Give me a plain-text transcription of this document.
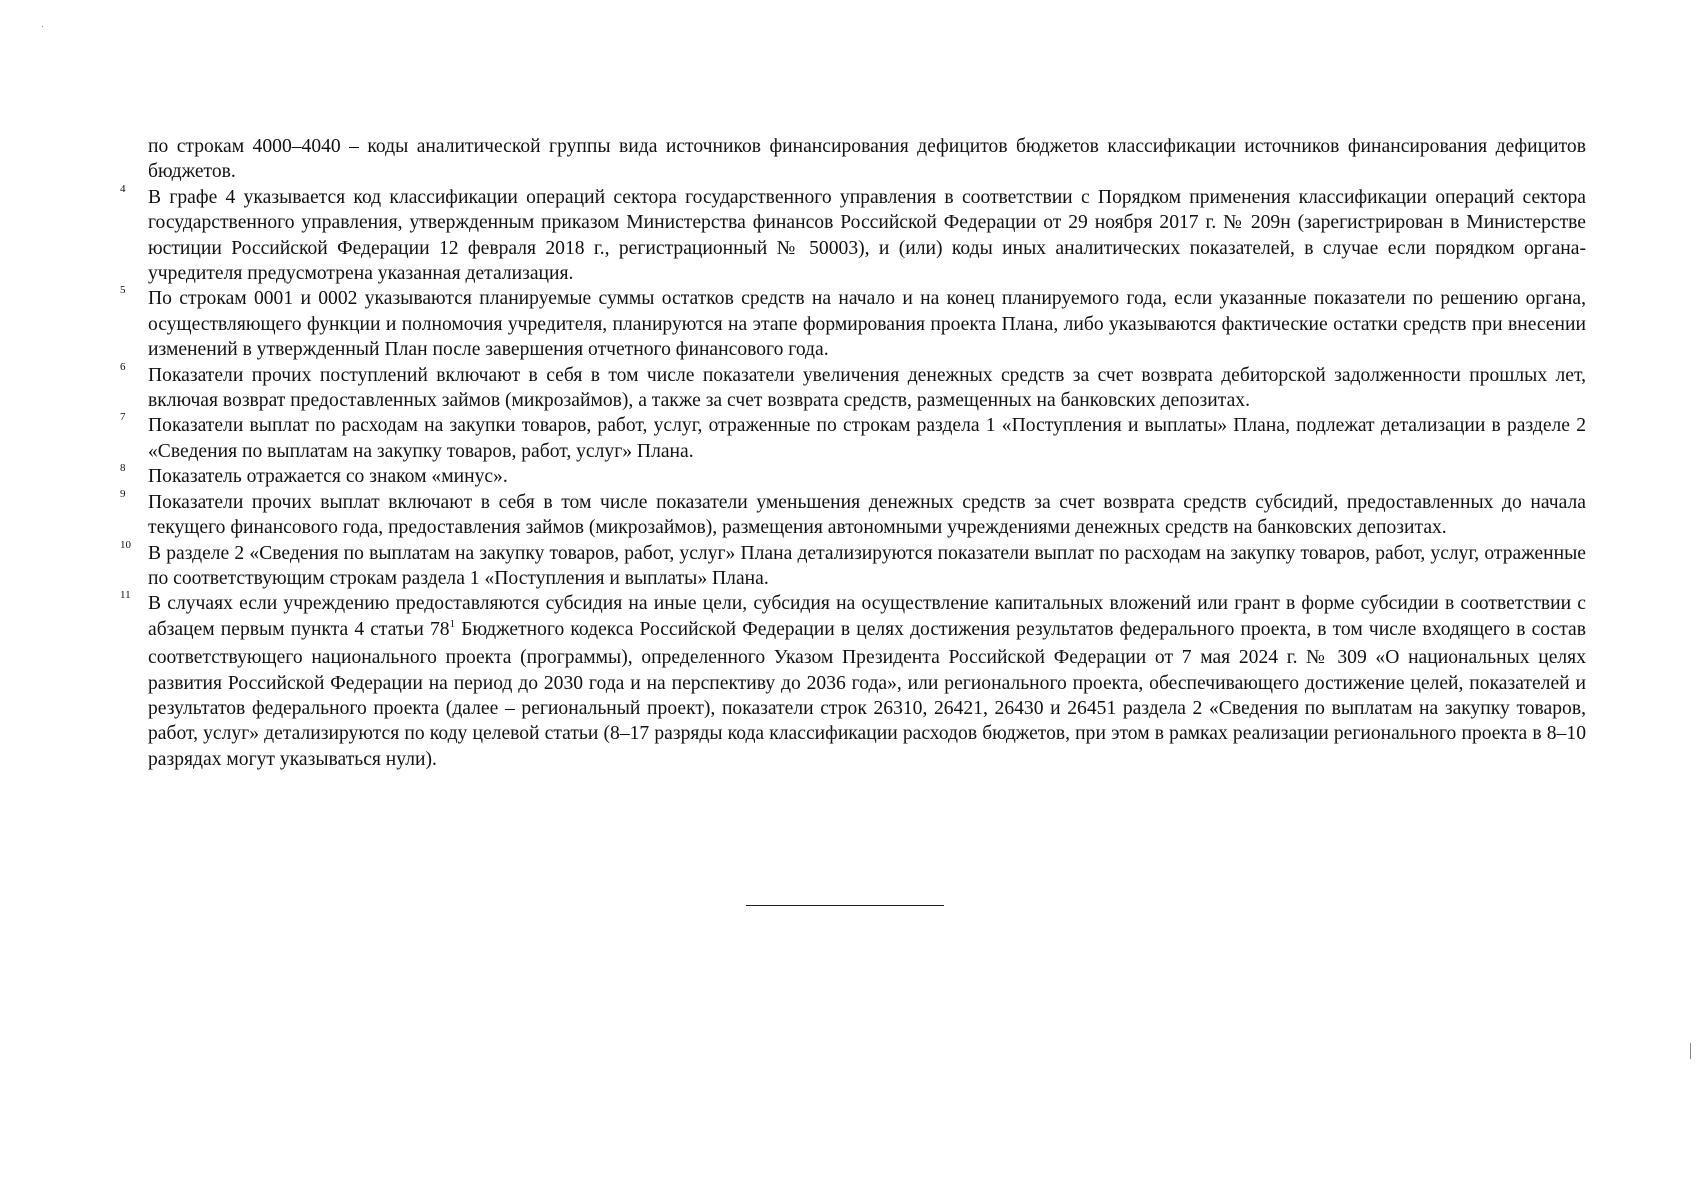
по строкам 4000–4040 – коды аналитической группы вида источников финансирования дефицитов бюджетов классификации источников финансирования дефицитов бюджетов.

4	В графе 4 указывается код классификации операций сектора государственного управления в соответствии с Порядком применения классификации операций сектора государственного управления, утвержденным приказом Министерства финансов Российской Федерации от 29 ноября 2017 г. № 209н (зарегистрирован в Министерстве юстиции Российской Федерации 12 февраля 2018 г., регистрационный № 50003), и (или) коды иных аналитических показателей, в случае если порядком органа-учредителя предусмотрена указанная детализация.

5	По строкам 0001 и 0002 указываются планируемые суммы остатков средств на начало и на конец планируемого года, если указанные показатели по решению органа, осуществляющего функции и полномочия учредителя, планируются на этапе формирования проекта Плана, либо указываются фактические остатки средств при внесении изменений в утвержденный План после завершения отчетного финансового года.

6	Показатели прочих поступлений включают в себя в том числе показатели увеличения денежных средств за счет возврата дебиторской задолженности прошлых лет, включая возврат предоставленных займов (микрозаймов), а также за счет возврата средств, размещенных на банковских депозитах.

7	Показатели выплат по расходам на закупки товаров, работ, услуг, отраженные по строкам раздела 1 «Поступления и выплаты» Плана, подлежат детализации в разделе 2 «Сведения по выплатам на закупку товаров, работ, услуг» Плана.

8	Показатель отражается со знаком «минус».

9	Показатели прочих выплат включают в себя в том числе показатели уменьшения денежных средств за счет возврата средств субсидий, предоставленных до начала текущего финансового года, предоставления займов (микрозаймов), размещения автономными учреждениями денежных средств на банковских депозитах.

10 В разделе 2 «Сведения по выплатам на закупку товаров, работ, услуг» Плана детализируются показатели выплат по расходам на закупку товаров, работ, услуг, отраженные по соответствующим строкам раздела 1 «Поступления и выплаты» Плана.

11 В случаях если учреждению предоставляются субсидия на иные цели, субсидия на осуществление капитальных вложений или грант в форме субсидии в соответствии с абзацем первым пункта 4 статьи $78^1$ Бюджетного кодекса Российской Федерации в целях достижения результатов федерального проекта, в том числе входящего в состав соответствующего национального проекта (программы), определенного Указом Президента Российской Федерации от 7 мая 2024 г. № 309 «О национальных целях развития Российской Федерации на период до 2030 года и на перспективу до 2036 года», или регионального проекта, обеспечивающего достижение целей, показателей и результатов федерального проекта (далее – региональный проект), показатели строк 26310, 26421, 26430 и 26451 раздела 2 «Сведения по выплатам на закупку товаров, работ, услуг» детализируются по коду целевой статьи (8–17 разряды кода классификации расходов бюджетов, при этом в рамках реализации регионального проекта в 8–10 разрядах могут указываться нули).
